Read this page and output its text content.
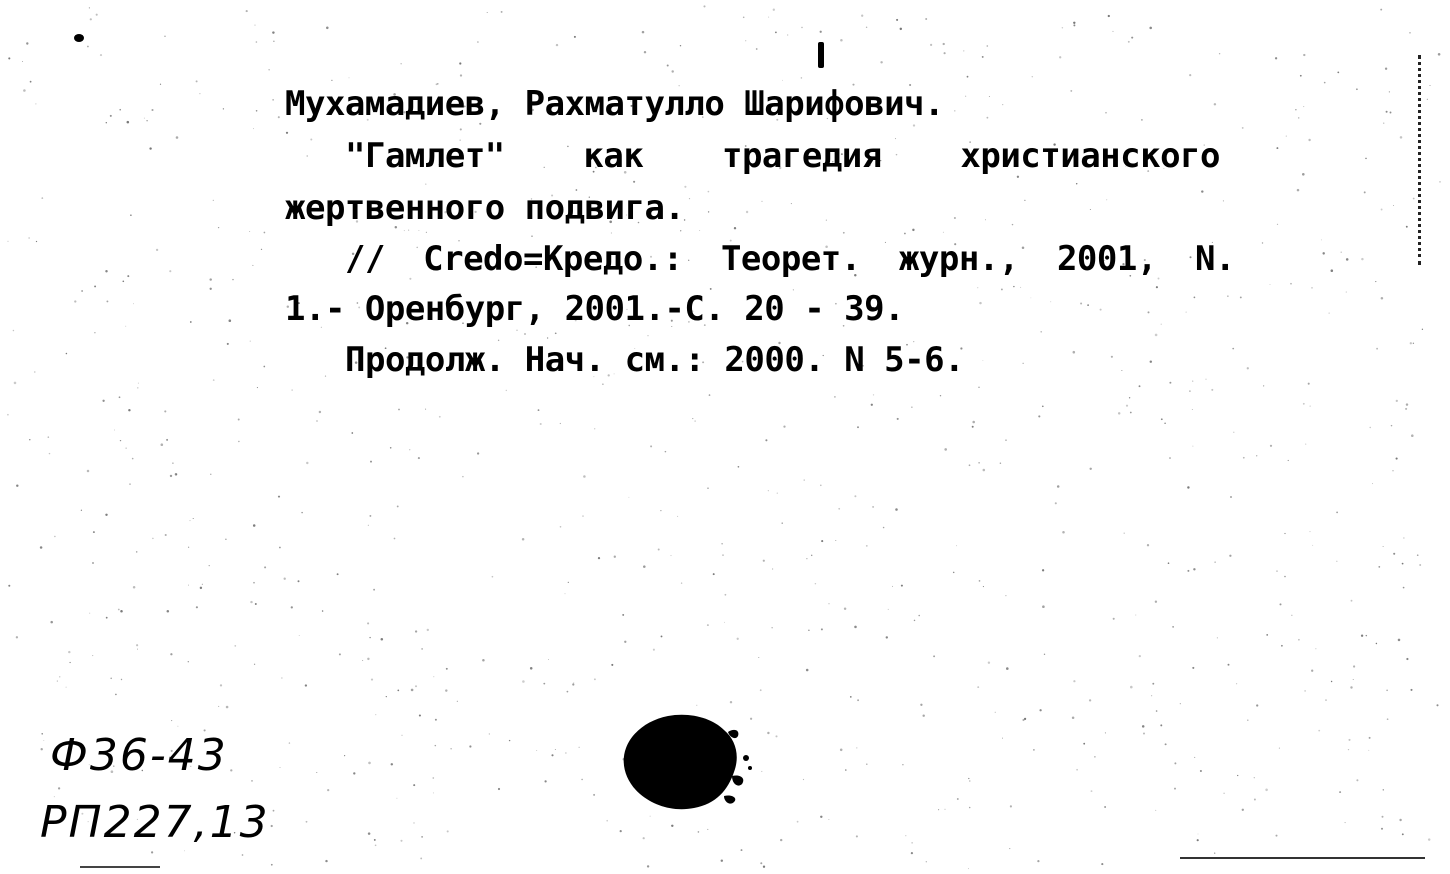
Мухамадиев, Рахматулло Шарифович.
"Гамлет" как трагедия христианского
жертвенного подвига.
// Credo=Кредо.: Теорет. журн., 2001, N.
1.- Оренбург, 2001.-С. 20 - 39.
Продолж. Нач. см.: 2000. N 5-6.
Ф36-43
РП227,13
